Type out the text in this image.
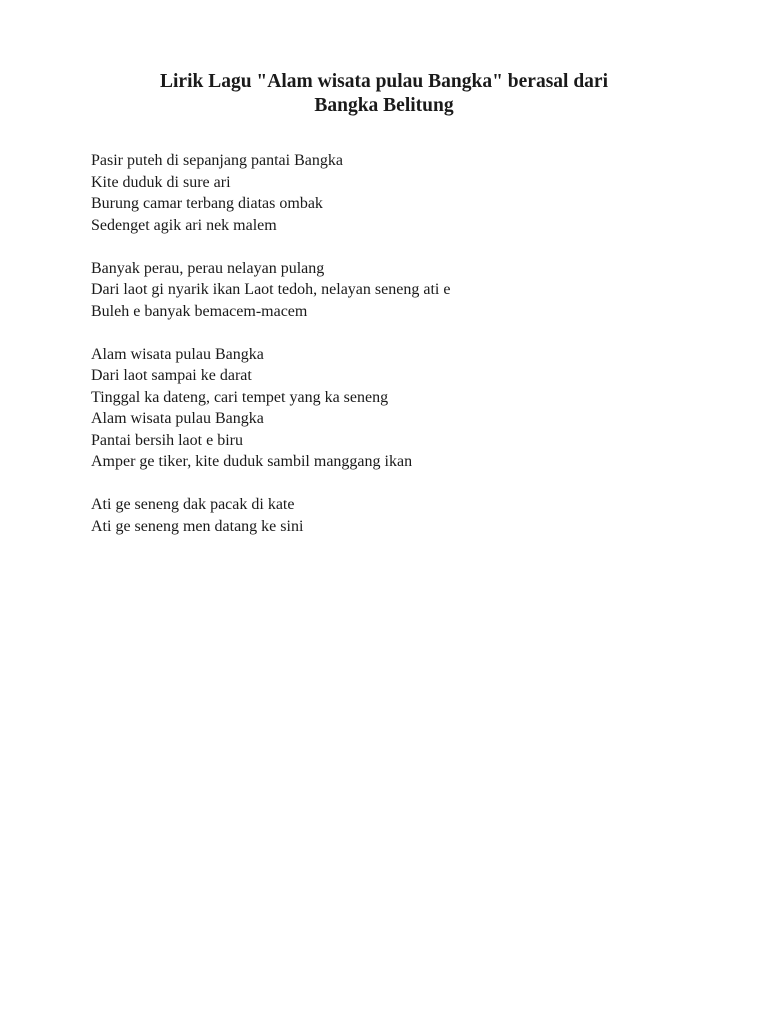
Lirik Lagu "Alam wisata pulau Bangka" berasal dari
Bangka Belitung
Pasir puteh di sepanjang pantai Bangka
Kite duduk di sure ari
Burung camar terbang diatas ombak
Sedenget agik ari nek malem
Banyak perau, perau nelayan pulang
Dari laot gi nyarik ikan Laot tedoh, nelayan seneng ati e
Buleh e banyak bemacem-macem
Alam wisata pulau Bangka
Dari laot sampai ke darat
Tinggal ka dateng, cari tempet yang ka seneng
Alam wisata pulau Bangka
Pantai bersih laot e biru
Amper ge tiker, kite duduk sambil manggang ikan
Ati ge seneng dak pacak di kate
Ati ge seneng men datang ke sini
